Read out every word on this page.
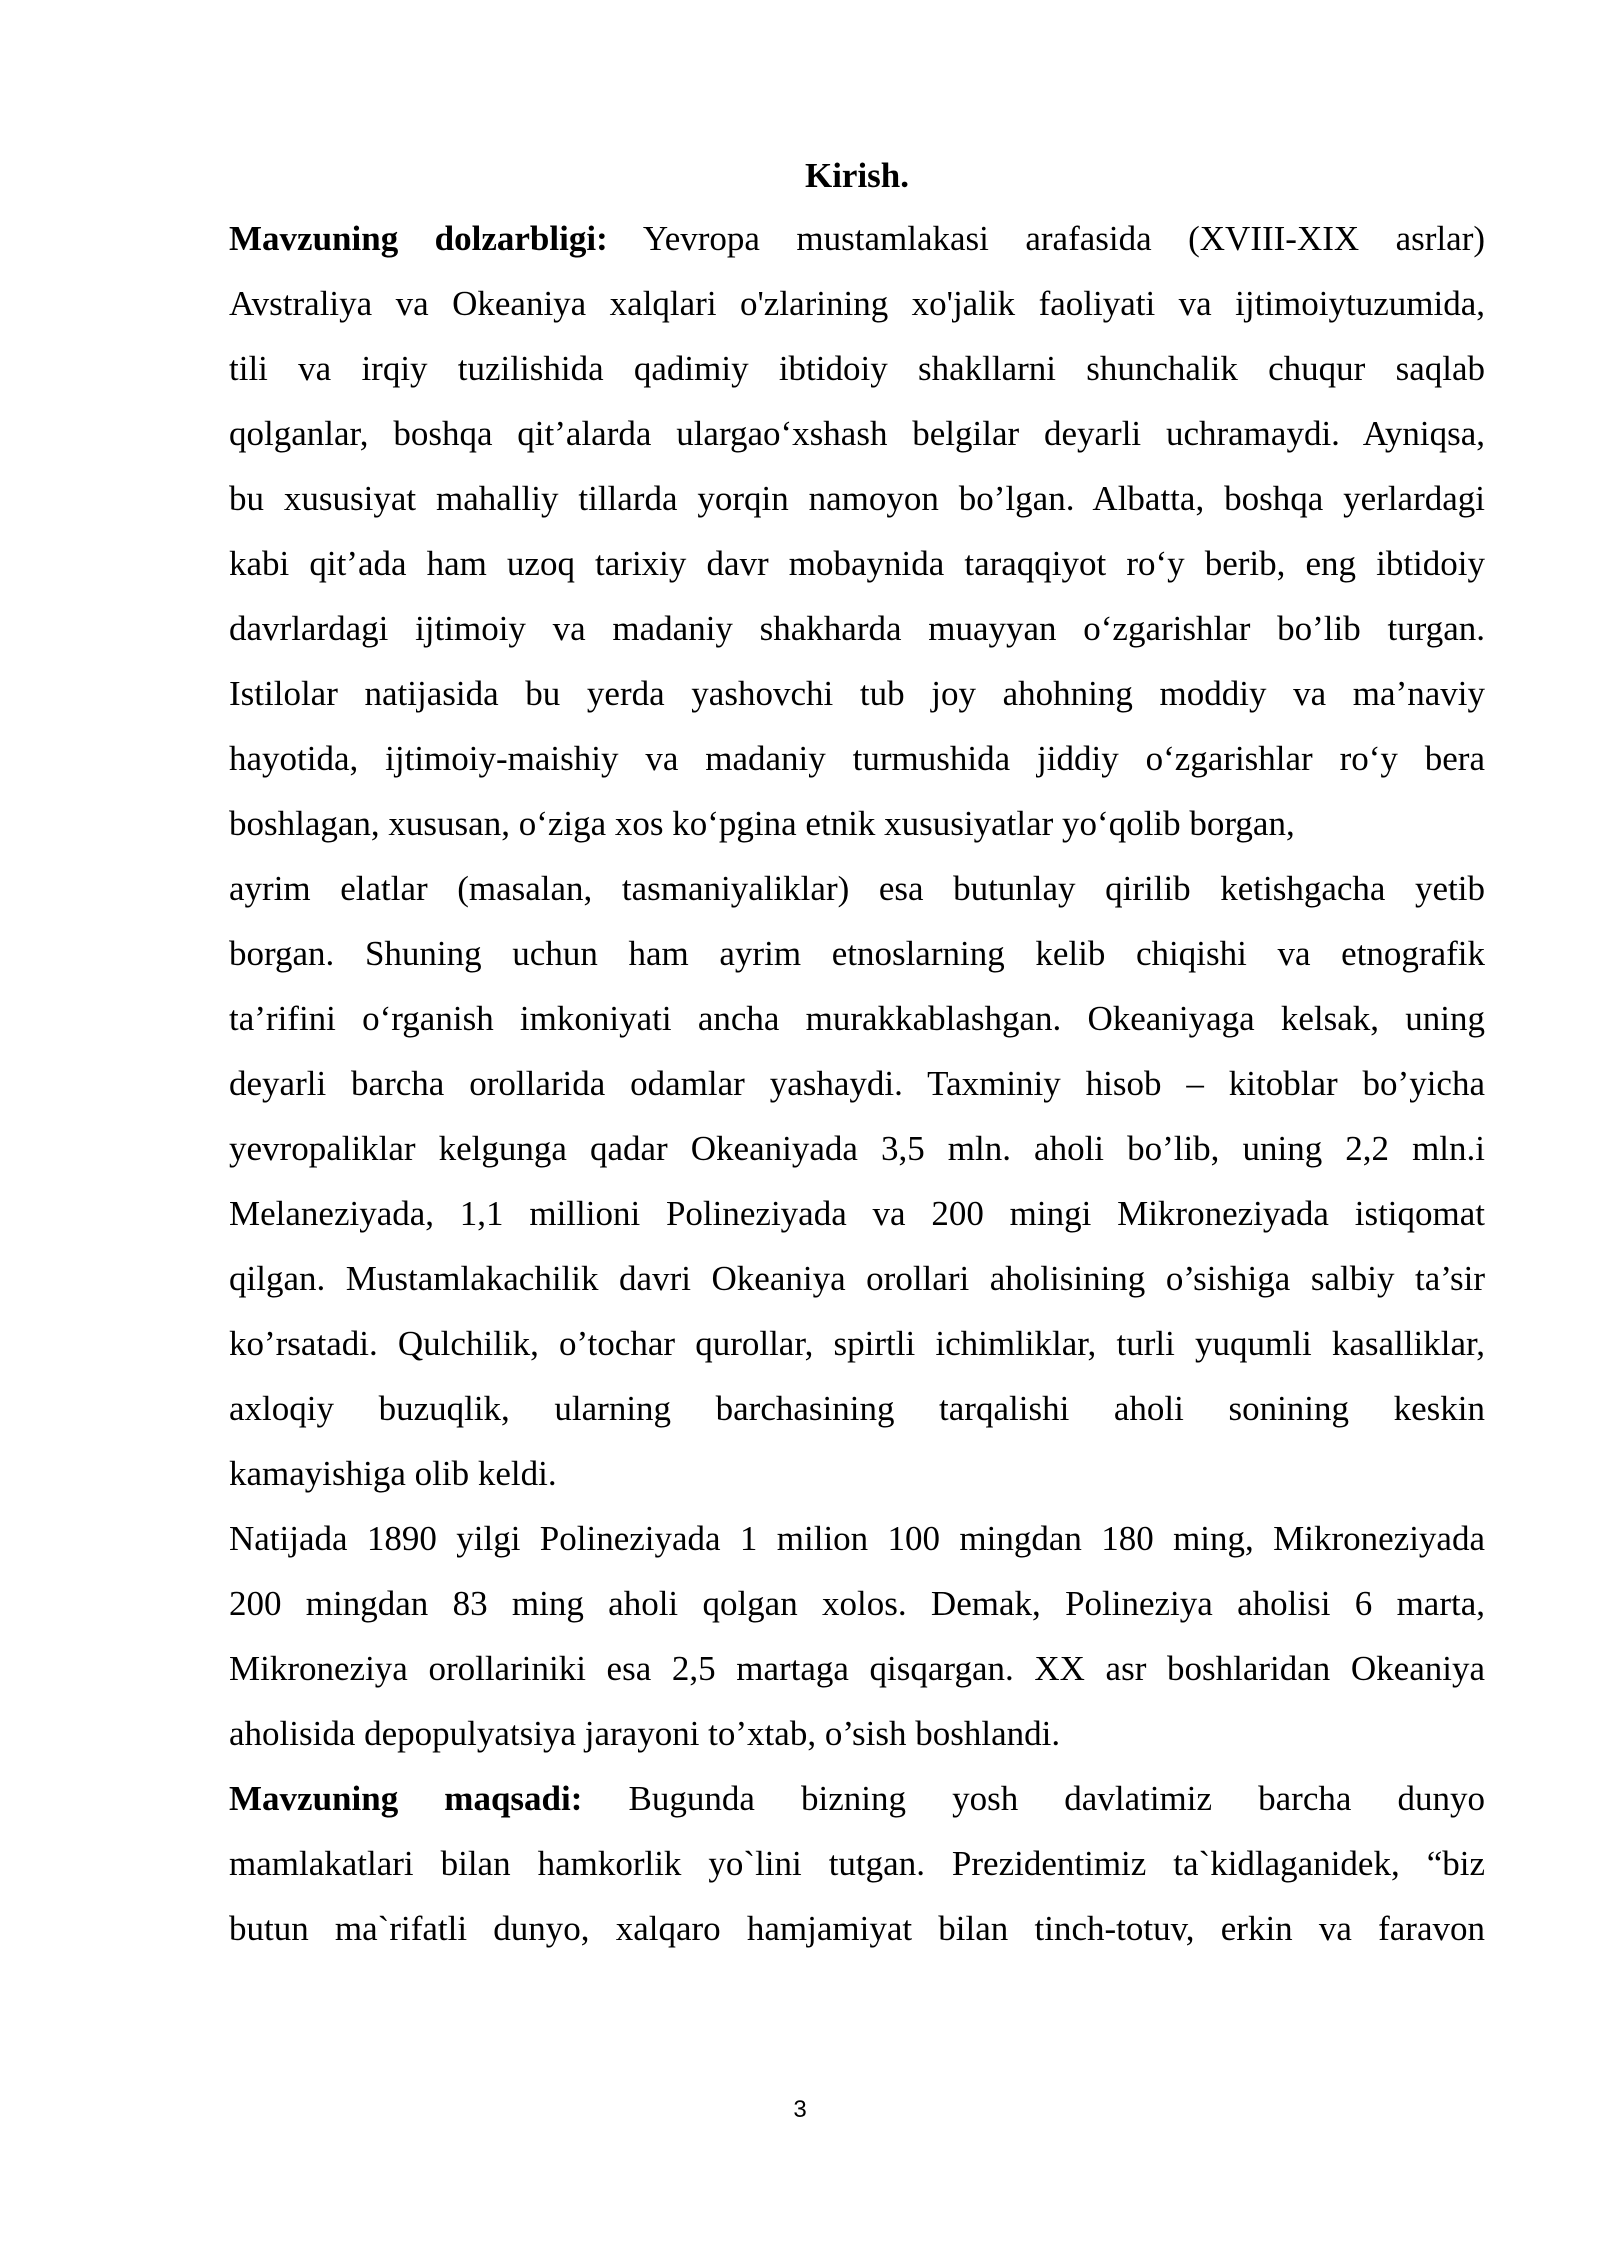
Kirish.
Mavzuning dolzarbligi: Yevropa mustamlakasi arafasida (XVIII-XIX asrlar)
Avstraliya va Okeaniya xalqlari o'zlarining xo'jalik faoliyati va ijtimoiytuzumida,
tili va irqiy tuzilishida qadimiy ibtidoiy shakllarni shunchalik chuqur saqlab
qolganlar, boshqa qit’alarda ulargao‘xshash belgilar deyarli uchramaydi. Ayniqsa,
bu xususiyat mahalliy tillarda yorqin namoyon bo’lgan. Albatta, boshqa yerlardagi
kabi qit’ada ham uzoq tarixiy davr mobaynida taraqqiyot ro‘y berib, eng ibtidoiy
davrlardagi ijtimoiy va madaniy shakharda muayyan o‘zgarishlar bo’lib turgan.
Istilolar natijasida bu yerda yashovchi tub joy ahohning moddiy va ma’naviy
hayotida, ijtimoiy-maishiy va madaniy turmushida jiddiy o‘zgarishlar ro‘y bera
boshlagan, xususan, o‘ziga xos ko‘pgina etnik xususiyatlar yo‘qolib borgan,
ayrim elatlar (masalan, tasmaniyaliklar) esa butunlay qirilib ketishgacha yetib
borgan. Shuning uchun ham ayrim etnoslarning kelib chiqishi va etnografik
ta’rifini o‘rganish imkoniyati ancha murakkablashgan. Okeaniyaga kelsak, uning
deyarli barcha orollarida odamlar yashaydi. Taxminiy hisob – kitoblar bo’yicha
yevropaliklar kelgunga qadar Okeaniyada 3,5 mln. aholi bo’lib, uning 2,2 mln.i
Melaneziyada, 1,1 millioni Polineziyada va 200 mingi Mikroneziyada istiqomat
qilgan. Mustamlakachilik davri Okeaniya orollari aholisining o’sishiga salbiy ta’sir
ko’rsatadi. Qulchilik, o’tochar qurollar, spirtli ichimliklar, turli yuqumli kasalliklar,
axloqiy buzuqlik, ularning barchasining tarqalishi aholi sonining keskin
kamayishiga olib keldi.
Natijada 1890 yilgi Polineziyada 1 milion 100 mingdan 180 ming, Mikroneziyada
200 mingdan 83 ming aholi qolgan xolos. Demak, Polineziya aholisi 6 marta,
Mikroneziya orollariniki esa 2,5 martaga qisqargan. XX asr boshlaridan Okeaniya
aholisida depopulyatsiya jarayoni to’xtab, o’sish boshlandi.
Mavzuning maqsadi: Bugunda bizning yosh davlatimiz barcha dunyo
mamlakatlari bilan hamkorlik yo`lini tutgan. Prezidentimiz ta`kidlaganidek, “biz
butun ma`rifatli dunyo, xalqaro hamjamiyat bilan tinch-totuv, erkin va faravon
3
